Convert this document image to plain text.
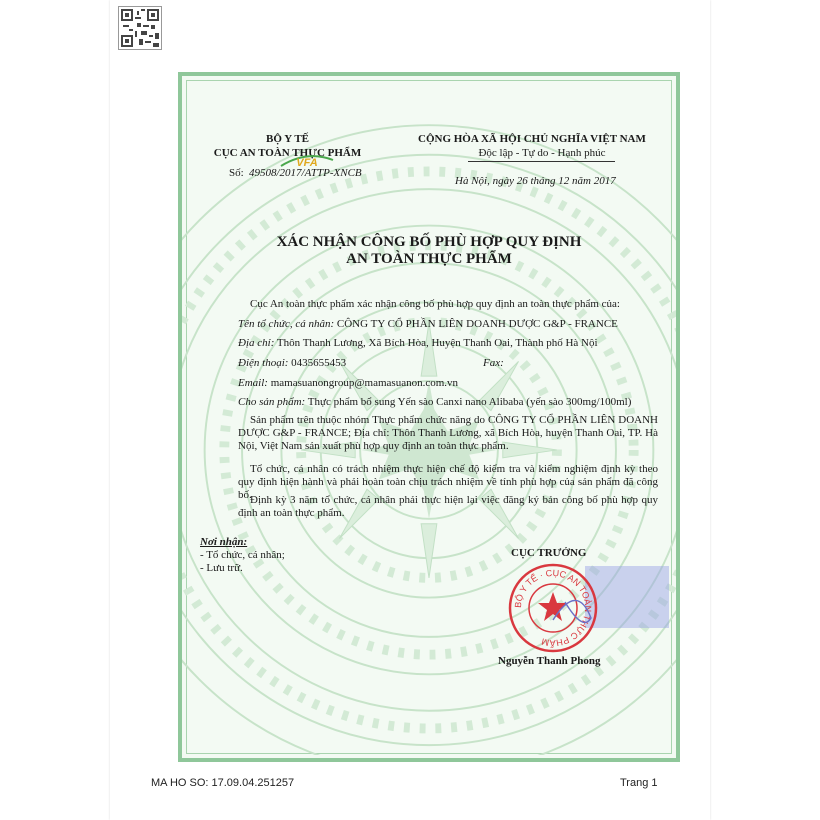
BỘ Y TẾ
CỤC AN TOÀN THỰC PHẨM
VFA
Số: 49508/2017/ATTP-XNCB
CỘNG HÒA XÃ HỘI CHỦ NGHĨA VIỆT NAM
Độc lập - Tự do - Hạnh phúc
Hà Nội, ngày 26 tháng 12 năm 2017
XÁC NHẬN CÔNG BỐ PHÙ HỢP QUY ĐỊNH
AN TOÀN THỰC PHẨM
Cục An toàn thực phẩm xác nhận công bố phù hợp quy định an toàn thực phẩm của:
Tên tổ chức, cá nhân: CÔNG TY CỔ PHẦN LIÊN DOANH DƯỢC G&P - FRANCE
Địa chỉ: Thôn Thanh Lương, Xã Bích Hòa, Huyện Thanh Oai, Thành phố Hà Nội
Điện thoại: 0435655453	Fax:
Email: mamasuanongroup@mamasuanon.com.vn
Cho sản phẩm: Thực phẩm bổ sung Yến sào Canxi nano Alibaba (yến sào 300mg/100ml)
Sản phẩm trên thuộc nhóm Thực phẩm chức năng do CÔNG TY CỔ PHẦN LIÊN DOANH DƯỢC G&P - FRANCE; Địa chỉ: Thôn Thanh Lương, xã Bích Hòa, huyện Thanh Oai, TP. Hà Nội, Việt Nam sản xuất phù hợp quy định an toàn thực phẩm.
Tổ chức, cá nhân có trách nhiệm thực hiện chế độ kiểm tra và kiểm nghiệm định kỳ theo quy định hiện hành và phải hoàn toàn chịu trách nhiệm về tính phù hợp của sản phẩm đã công bố.
Định kỳ 3 năm tổ chức, cá nhân phải thực hiện lại việc đăng ký bản công bố phù hợp quy định an toàn thực phẩm.
Nơi nhận:
- Tổ chức, cá nhân;
- Lưu trữ.
CỤC TRƯỞNG
BỘ Y TẾ · CỤC AN TOÀN THỰC PHẨM
Nguyễn Thanh Phong
MA HO SO: 17.09.04.251257	Trang 1
